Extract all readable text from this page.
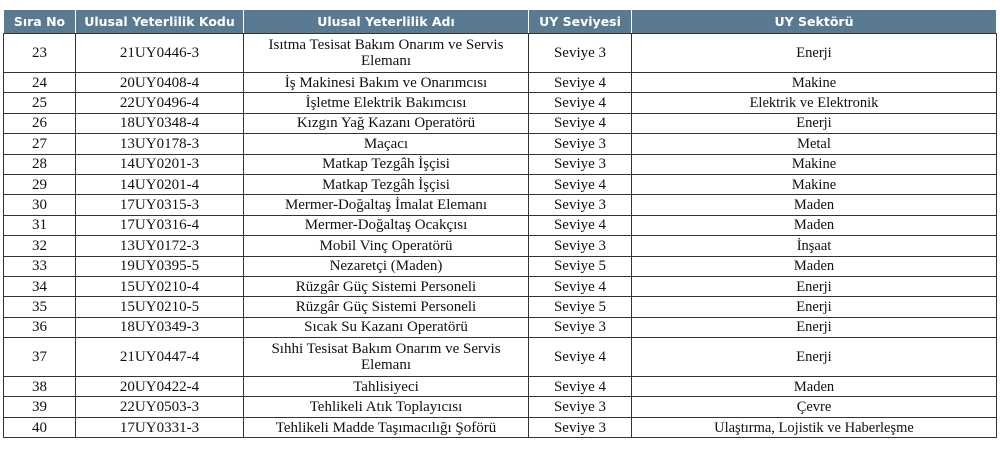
Sıra No	Ulusal Yeterlilik Kodu	Ulusal Yeterlilik Adı	UY Seviyesi	UY Sektörü
23	21UY0446-3	Isıtma Tesisat Bakım Onarım ve Servis Elemanı	Seviye 3	Enerji
24	20UY0408-4	İş Makinesi Bakım ve Onarımcısı	Seviye 4	Makine
25	22UY0496-4	İşletme Elektrik Bakımcısı	Seviye 4	Elektrik ve Elektronik
26	18UY0348-4	Kızgın Yağ Kazanı Operatörü	Seviye 4	Enerji
27	13UY0178-3	Maçacı	Seviye 3	Metal
28	14UY0201-3	Matkap Tezgâh İşçisi	Seviye 3	Makine
29	14UY0201-4	Matkap Tezgâh İşçisi	Seviye 4	Makine
30	17UY0315-3	Mermer-Doğaltaş İmalat Elemanı	Seviye 3	Maden
31	17UY0316-4	Mermer-Doğaltaş Ocakçısı	Seviye 4	Maden
32	13UY0172-3	Mobil Vinç Operatörü	Seviye 3	İnşaat
33	19UY0395-5	Nezaretçi (Maden)	Seviye 5	Maden
34	15UY0210-4	Rüzgâr Güç Sistemi Personeli	Seviye 4	Enerji
35	15UY0210-5	Rüzgâr Güç Sistemi Personeli	Seviye 5	Enerji
36	18UY0349-3	Sıcak Su Kazanı Operatörü	Seviye 3	Enerji
37	21UY0447-4	Sıhhi Tesisat Bakım Onarım ve Servis Elemanı	Seviye 4	Enerji
38	20UY0422-4	Tahlisiyeci	Seviye 4	Maden
39	22UY0503-3	Tehlikeli Atık Toplayıcısı	Seviye 3	Çevre
40	17UY0331-3	Tehlikeli Madde Taşımacılığı Şoförü	Seviye 3	Ulaştırma, Lojistik ve Haberleşme
